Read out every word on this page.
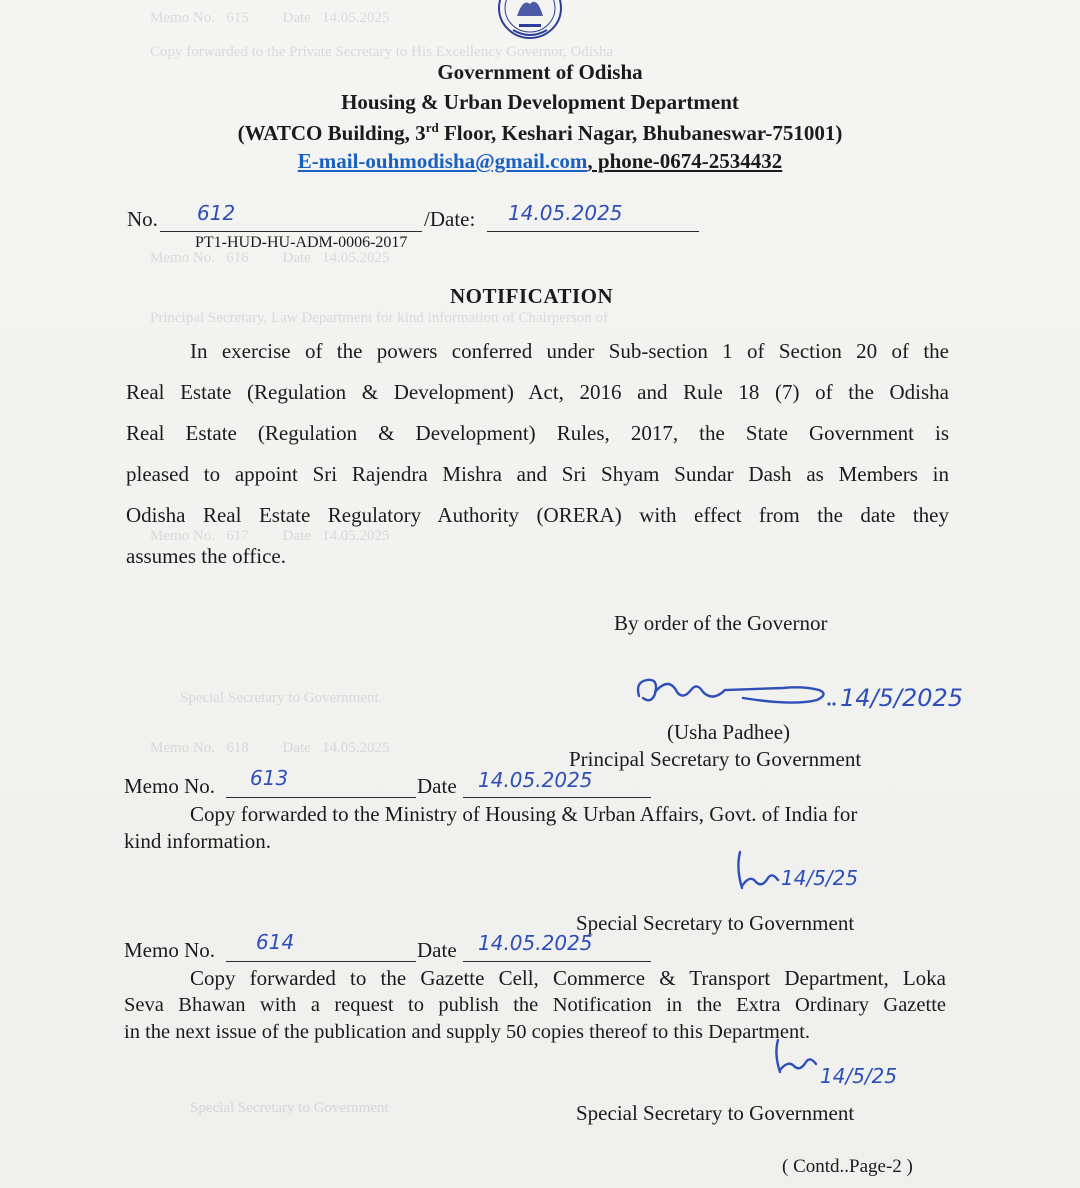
Memo No.   615         Date   14.05.2025
Copy forwarded to the Private Secretary to His Excellency Governor, Odisha
Memo No.   616         Date   14.05.2025
Principal Secretary, Law Department for kind information of Chairperson of
Memo No.   617         Date   14.05.2025
Special Secretary to Government
Memo No.   618         Date   14.05.2025
Special Secretary to Government
Government of Odisha
Housing & Urban Development Department
(WATCO Building, 3rd Floor, Keshari Nagar, Bhubaneswar-751001)
E-mail-ouhmodisha@gmail.com, phone-0674-2534432
No. 612	/Date: 14.05.2025
PT1-HUD-HU-ADM-0006-2017
NOTIFICATION
In exercise of the powers conferred under Sub-section 1 of Section 20 of the
Real Estate (Regulation & Development) Act, 2016 and Rule 18 (7) of the Odisha
Real Estate (Regulation & Development) Rules, 2017, the State Government is
pleased to appoint Sri Rajendra Mishra and Sri Shyam Sundar Dash as Members in
Odisha Real Estate Regulatory Authority (ORERA) with effect from the date they
assumes the office.
By order of the Governor
14/5/2025
(Usha Padhee)
Principal Secretary to Government
Memo No. 613	Date 14.05.2025
Copy forwarded to the Ministry of Housing & Urban Affairs, Govt. of India for
kind information.
14/5/25
Special Secretary to Government
Memo No. 614	Date 14.05.2025
Copy forwarded to the Gazette Cell, Commerce & Transport Department, Loka
Seva Bhawan with a request to publish the Notification in the Extra Ordinary Gazette
in the next issue of the publication and supply 50 copies thereof to this Department.
14/5/25
Special Secretary to Government
( Contd..Page-2 )
